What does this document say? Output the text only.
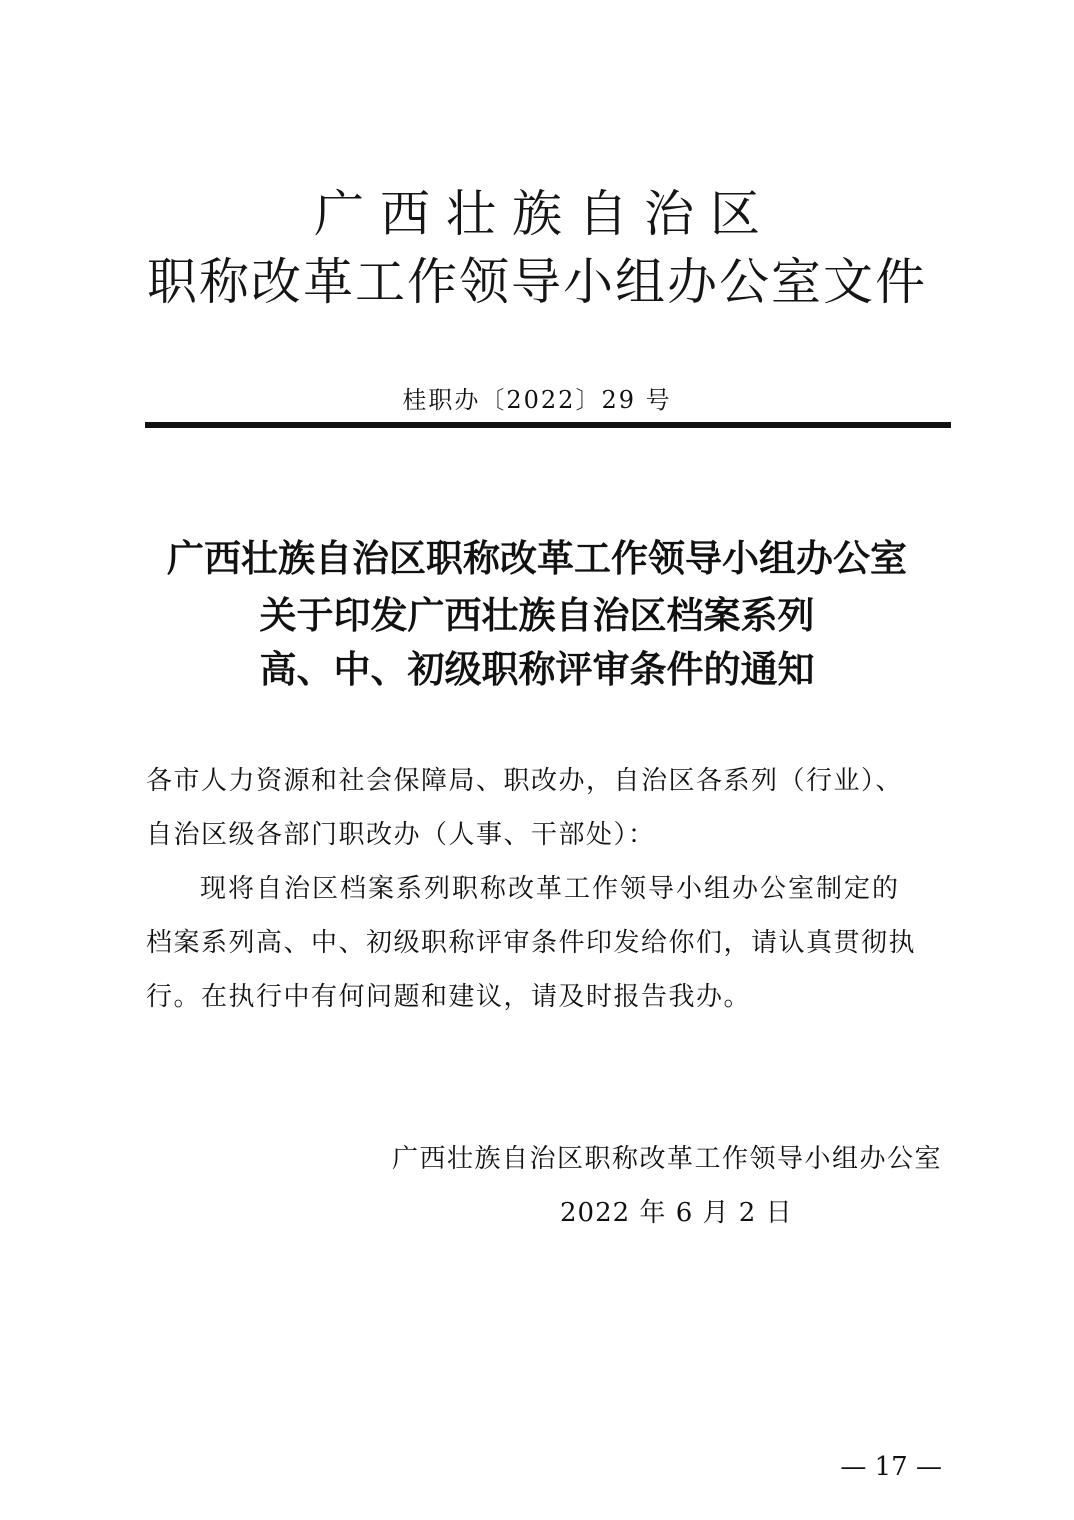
广西壮族自治区
职称改革工作领导小组办公室文件
桂职办〔2022〕29 号
广西壮族自治区职称改革工作领导小组办公室
关于印发广西壮族自治区档案系列
高、中、初级职称评审条件的通知
各市人力资源和社会保障局、职改办，自治区各系列（行业）、
自治区级各部门职改办（人事、干部处）：
现将自治区档案系列职称改革工作领导小组办公室制定的
档案系列高、中、初级职称评审条件印发给你们，请认真贯彻执
行。在执行中有何问题和建议，请及时报告我办。
广西壮族自治区职称改革工作领导小组办公室
2022 年 6 月 2 日
— 17 —
